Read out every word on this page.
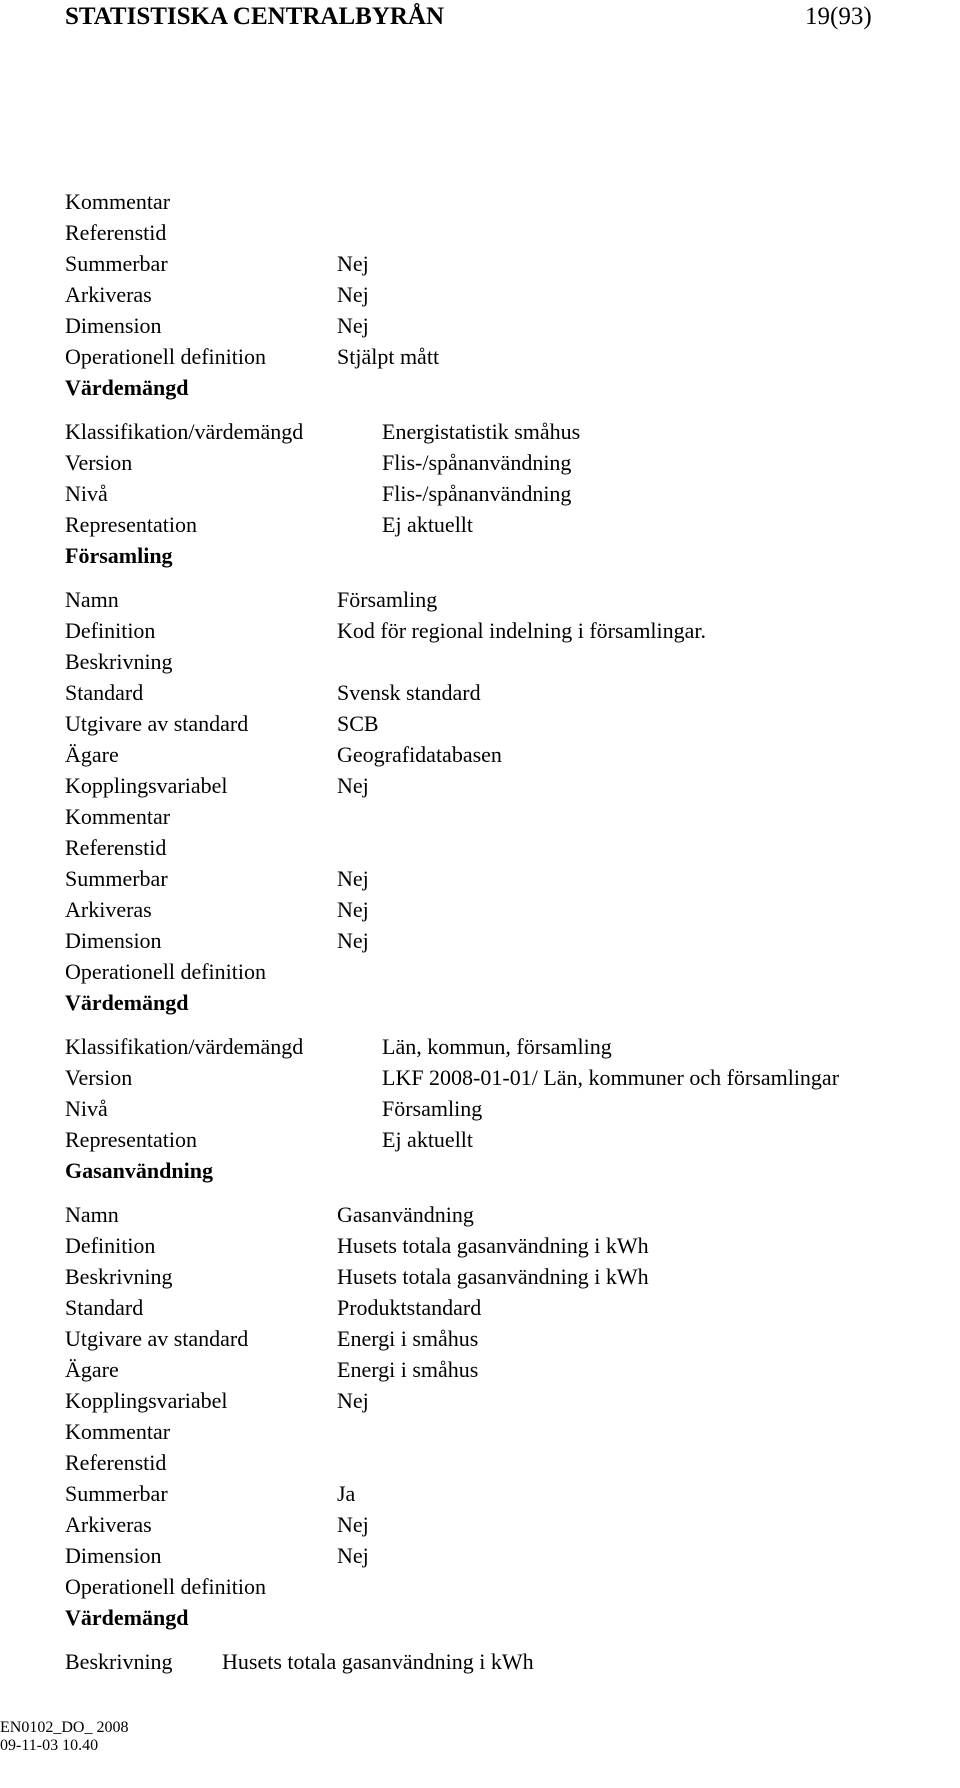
STATISTISKA CENTRALBYRÅN	19(93)
Kommentar
Referenstid
Summerbar	Nej
Arkiveras	Nej
Dimension	Nej
Operationell definition	Stjälpt mått
Värdemängd
Klassifikation/värdemängd	Energistatistik småhus
Version	Flis-/spånanvändning
Nivå	Flis-/spånanvändning
Representation	Ej aktuellt
Församling
Namn	Församling
Definition	Kod för regional indelning i församlingar.
Beskrivning
Standard	Svensk standard
Utgivare av standard	SCB
Ägare	Geografidatabasen
Kopplingsvariabel	Nej
Kommentar
Referenstid
Summerbar	Nej
Arkiveras	Nej
Dimension	Nej
Operationell definition
Värdemängd
Klassifikation/värdemängd	Län, kommun, församling
Version	LKF 2008-01-01/ Län, kommuner och församlingar
Nivå	Församling
Representation	Ej aktuellt
Gasanvändning
Namn	Gasanvändning
Definition	Husets totala gasanvändning i kWh
Beskrivning	Husets totala gasanvändning i kWh
Standard	Produktstandard
Utgivare av standard	Energi i småhus
Ägare	Energi i småhus
Kopplingsvariabel	Nej
Kommentar
Referenstid
Summerbar	Ja
Arkiveras	Nej
Dimension	Nej
Operationell definition
Värdemängd
Beskrivning Husets totala gasanvändning i kWh
EN0102_DO_ 2008
09-11-03 10.40
